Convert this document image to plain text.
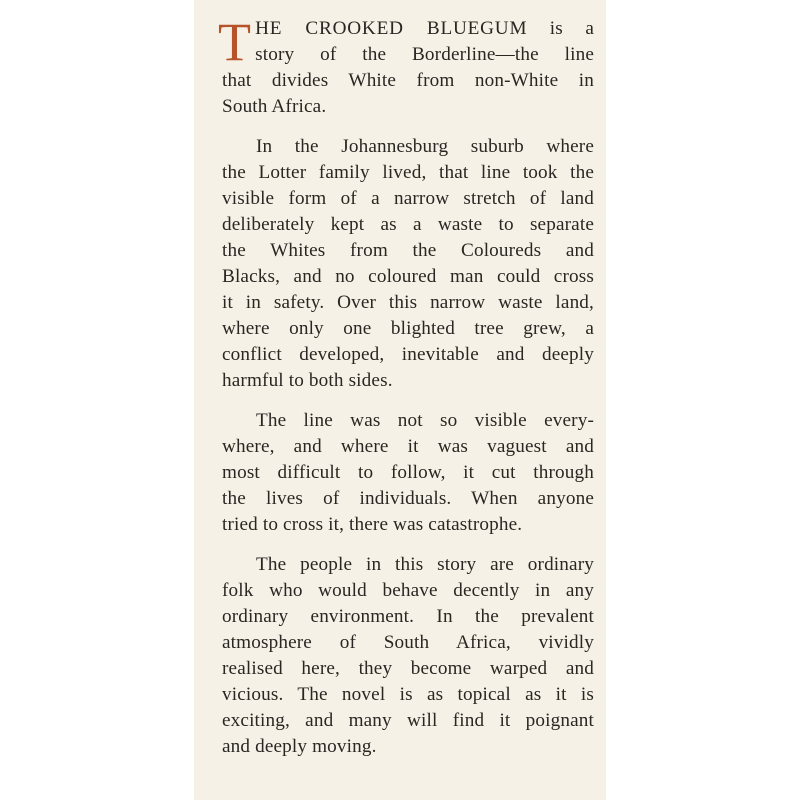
T HE CROOKED BLUEGUM is a
story of the Borderline—the line
that divides White from non-White in
South Africa.

In the Johannesburg suburb where
the Lotter family lived, that line took the
visible form of a narrow stretch of land
deliberately kept as a waste to separate
the Whites from the Coloureds and
Blacks, and no coloured man could cross
it in safety. Over this narrow waste land,
where only one blighted tree grew, a
conflict developed, inevitable and deeply
harmful to both sides.

The line was not so visible every-
where, and where it was vaguest and
most difficult to follow, it cut through
the lives of individuals. When anyone
tried to cross it, there was catastrophe.

The people in this story are ordinary
folk who would behave decently in any
ordinary environment. In the prevalent
atmosphere of South Africa, vividly
realised here, they become warped and
vicious. The novel is as topical as it is
exciting, and many will find it poignant
and deeply moving.
